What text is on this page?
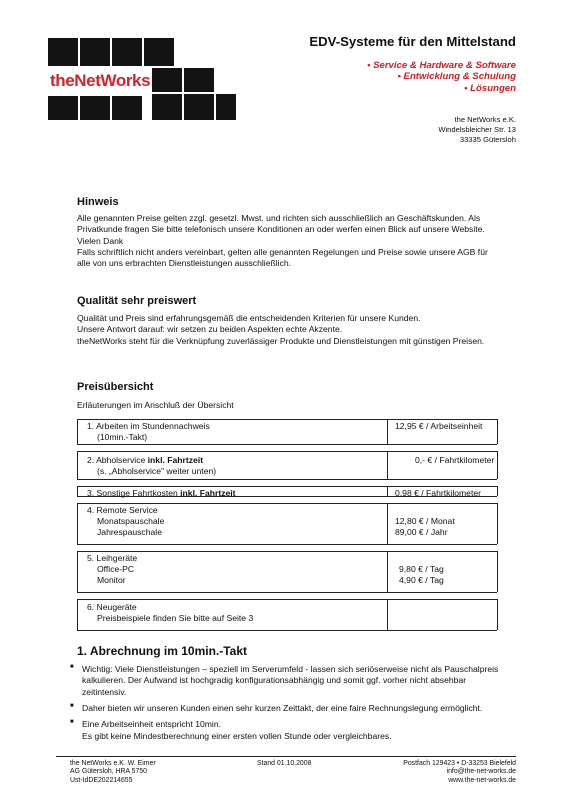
theNetWorks
EDV-Systeme für den Mittelstand
• Service & Hardware & Software
• Entwicklung & Schulung
• Lösungen
the NetWorks e.K.
Windelsbleicher Str. 13
33335 Gütersloh
Hinweis

Alle genannten Preise gelten zzgl. gesetzl. Mwst. und richten sich ausschließlich an Geschäftskunden. Als Privatkunde fragen Sie bitte telefonisch unsere Konditionen an oder werfen einen Blick auf unsere Website. Vielen Dank

Falls schriftlich nicht anders vereinbart, gelten alle genannten Regelungen und Preise sowie unsere AGB für alle von uns erbrachten Dienstleistungen ausschließlich.

Qualität sehr preiswert

Qualität und Preis sind erfahrungsgemäß die entscheidenden Kriterien für unsere Kunden.

Unsere Antwort darauf: wir setzen zu beiden Aspekten echte Akzente.

theNetWorks steht für die Verknüpfung zuverlässiger Produkte und Dienstleistungen mit günstigen Preisen.

Preisübersicht
Erläuterungen im Anschluß der Übersicht
1. Arbeiten im Stundennachweis
(10min.-Takt)
12,95 € / Arbeitseinheit
2. Abholservice inkl. Fahrtzeit
(s. „Abholservice" weiter unten)
0,- € / Fahrtkilometer
3. Sonstige Fahrtkosten inkl. Fahrtzeit	0,98 € / Fahrtkilometer
4. Remote Service
Monatspauschale
Jahrespauschale
12,80 € / Monat
89,00 € / Jahr
5. Leihgeräte
Office-PC
Monitor
9,80 € / Tag
4,90 € / Tag
6. Neugeräte
Preisbeispiele finden Sie bitte auf Seite 3
1. Abrechnung im 10min.-Takt
■ Wichtig: Viele Dienstleistungen – speziell im Serverumfeld - lassen sich seriöserweise nicht als Pauschalpreis kalkulieren. Der Aufwand ist hochgradig konfigurationsabhängig und somit ggf. vorher nicht absehbar zeitintensiv.
■ Daher bieten wir unseren Kunden einen sehr kurzen Zeittakt, der eine faire Rechnungslegung ermöglicht.
■ Eine Arbeitseinheit entspricht 10min.
Es gibt keine Mindestberechnung einer ersten vollen Stunde oder vergleichbares.
the NetWorks e.K. W. Eimer
AG Gütersloh, HRA 5750
Ust-IdDE202214655
Stand 01.10.2008	Postfach 129423 • D-33253 Bielefeld
info@the-net-works.de
www.the-net-works.de
